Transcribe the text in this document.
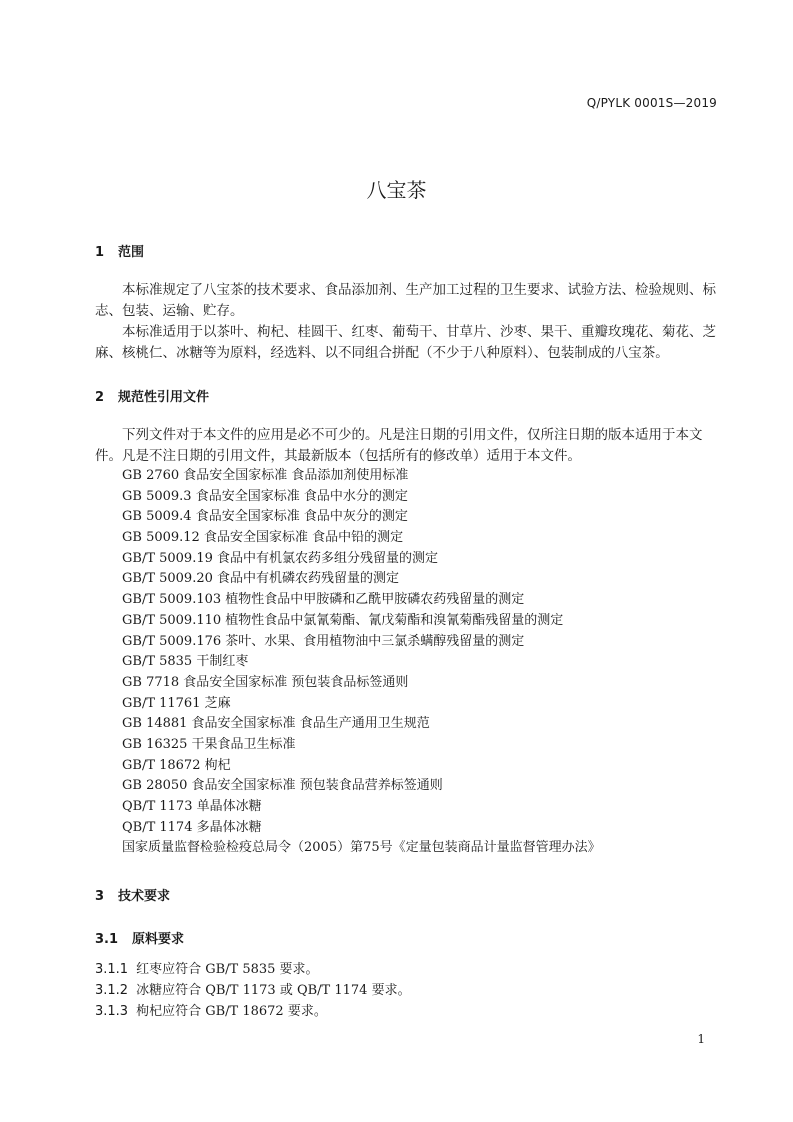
Q/PYLK 0001S—2019
八宝茶
1 范围
本标准规定了八宝茶的技术要求、食品添加剂、生产加工过程的卫生要求、试验方法、检验规则、标志、包装、运输、贮存。
本标准适用于以茶叶、枸杞、桂圆干、红枣、葡萄干、甘草片、沙枣、果干、重瓣玫瑰花、菊花、芝麻、核桃仁、冰糖等为原料，经选料、以不同组合拼配（不少于八种原料）、包装制成的八宝茶。
2 规范性引用文件
下列文件对于本文件的应用是必不可少的。凡是注日期的引用文件，仅所注日期的版本适用于本文件。凡是不注日期的引用文件，其最新版本（包括所有的修改单）适用于本文件。
GB 2760 食品安全国家标准 食品添加剂使用标准
GB 5009.3 食品安全国家标准 食品中水分的测定
GB 5009.4 食品安全国家标准 食品中灰分的测定
GB 5009.12 食品安全国家标准 食品中铅的测定
GB/T 5009.19 食品中有机氯农药多组分残留量的测定
GB/T 5009.20 食品中有机磷农药残留量的测定
GB/T 5009.103 植物性食品中甲胺磷和乙酰甲胺磷农药残留量的测定
GB/T 5009.110 植物性食品中氯氰菊酯、氰戊菊酯和溴氰菊酯残留量的测定
GB/T 5009.176 茶叶、水果、食用植物油中三氯杀螨醇残留量的测定
GB/T 5835 干制红枣
GB 7718 食品安全国家标准 预包装食品标签通则
GB/T 11761 芝麻
GB 14881 食品安全国家标准 食品生产通用卫生规范
GB 16325 干果食品卫生标准
GB/T 18672 枸杞
GB 28050 食品安全国家标准 预包装食品营养标签通则
QB/T 1173 单晶体冰糖
QB/T 1174 多晶体冰糖
国家质量监督检验检疫总局令（2005）第75号《定量包装商品计量监督管理办法》
3 技术要求
3.1 原料要求
3.1.1 红枣应符合 GB/T 5835 要求。
3.1.2 冰糖应符合 QB/T 1173 或 QB/T 1174 要求。
3.1.3 枸杞应符合 GB/T 18672 要求。
1
